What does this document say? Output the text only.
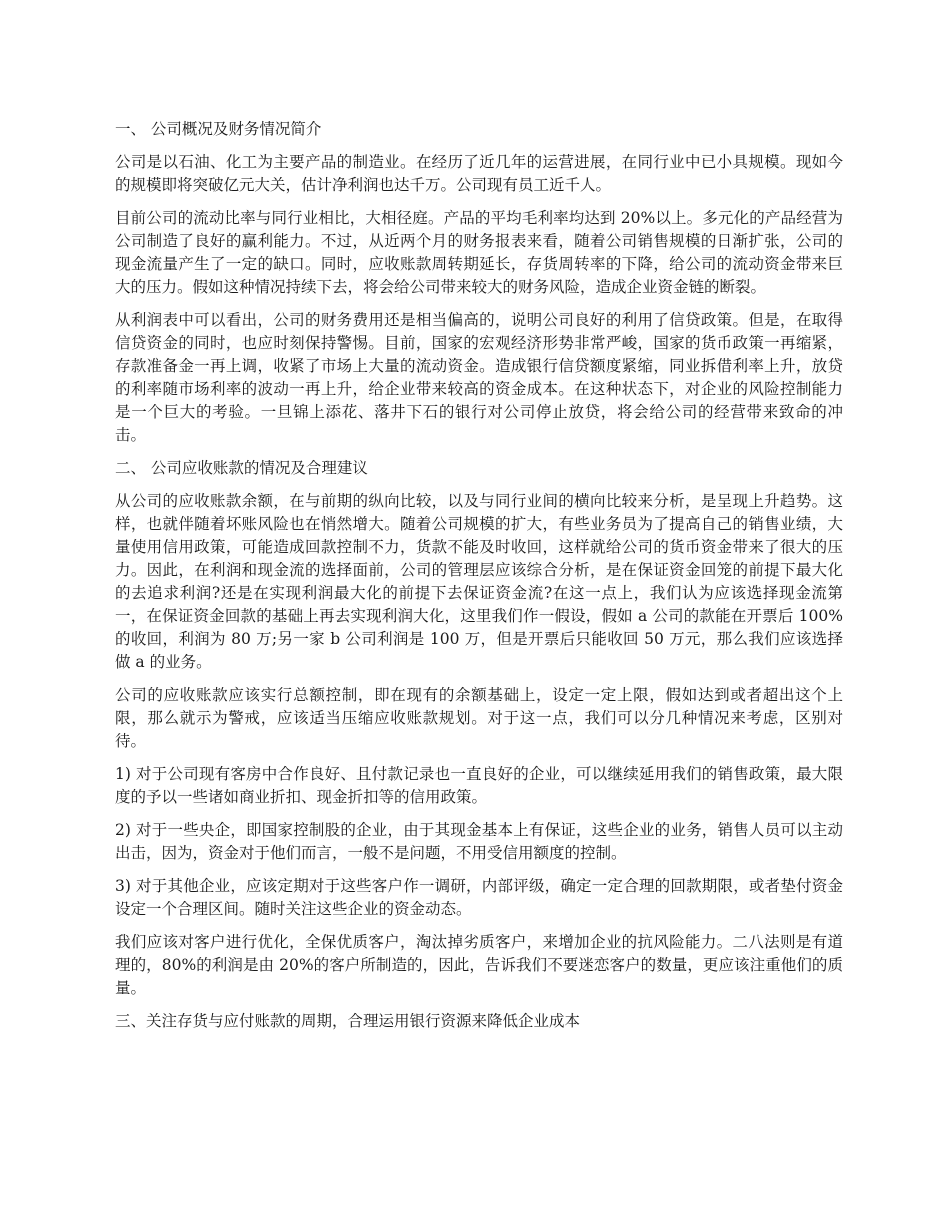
一、 公司概况及财务情况简介

公司是以石油、化工为主要产品的制造业。在经历了近几年的运营进展，在同行业中已小具规模。现如今的规模即将突破亿元大关，估计净利润也达千万。公司现有员工近千人。

目前公司的流动比率与同行业相比，大相径庭。产品的平均毛利率均达到 20%以上。多元化的产品经营为公司制造了良好的赢利能力。不过，从近两个月的财务报表来看，随着公司销售规模的日渐扩张，公司的现金流量产生了一定的缺口。同时，应收账款周转期延长，存货周转率的下降，给公司的流动资金带来巨大的压力。假如这种情况持续下去，将会给公司带来较大的财务风险，造成企业资金链的断裂。

从利润表中可以看出，公司的财务费用还是相当偏高的，说明公司良好的利用了信贷政策。但是，在取得信贷资金的同时，也应时刻保持警惕。目前，国家的宏观经济形势非常严峻，国家的货币政策一再缩紧，存款准备金一再上调，收紧了市场上大量的流动资金。造成银行信贷额度紧缩，同业拆借利率上升，放贷的利率随市场利率的波动一再上升，给企业带来较高的资金成本。在这种状态下，对企业的风险控制能力是一个巨大的考验。一旦锦上添花、落井下石的银行对公司停止放贷，将会给公司的经营带来致命的冲击。

二、 公司应收账款的情况及合理建议

从公司的应收账款余额，在与前期的纵向比较，以及与同行业间的横向比较来分析，是呈现上升趋势。这样，也就伴随着坏账风险也在悄然增大。随着公司规模的扩大，有些业务员为了提高自己的销售业绩，大量使用信用政策，可能造成回款控制不力，货款不能及时收回，这样就给公司的货币资金带来了很大的压力。因此，在利润和现金流的选择面前，公司的管理层应该综合分析，是在保证资金回笼的前提下最大化的去追求利润?还是在实现利润最大化的前提下去保证资金流?在这一点上，我们认为应该选择现金流第一，在保证资金回款的基础上再去实现利润大化，这里我们作一假设，假如 a 公司的款能在开票后 100%的收回，利润为 80 万;另一家 b 公司利润是 100 万，但是开票后只能收回 50 万元，那么我们应该选择做 a 的业务。

公司的应收账款应该实行总额控制，即在现有的余额基础上，设定一定上限，假如达到或者超出这个上限，那么就示为警戒，应该适当压缩应收账款规划。对于这一点，我们可以分几种情况来考虑，区别对待。

1) 对于公司现有客房中合作良好、且付款记录也一直良好的企业，可以继续延用我们的销售政策，最大限度的予以一些诸如商业折扣、现金折扣等的信用政策。

2) 对于一些央企，即国家控制股的企业，由于其现金基本上有保证，这些企业的业务，销售人员可以主动出击，因为，资金对于他们而言，一般不是问题，不用受信用额度的控制。

3) 对于其他企业，应该定期对于这些客户作一调研，内部评级，确定一定合理的回款期限，或者垫付资金设定一个合理区间。随时关注这些企业的资金动态。

我们应该对客户进行优化，全保优质客户，淘汰掉劣质客户，来增加企业的抗风险能力。二八法则是有道理的，80%的利润是由 20%的客户所制造的，因此，告诉我们不要迷恋客户的数量，更应该注重他们的质量。

三、关注存货与应付账款的周期，合理运用银行资源来降低企业成本
